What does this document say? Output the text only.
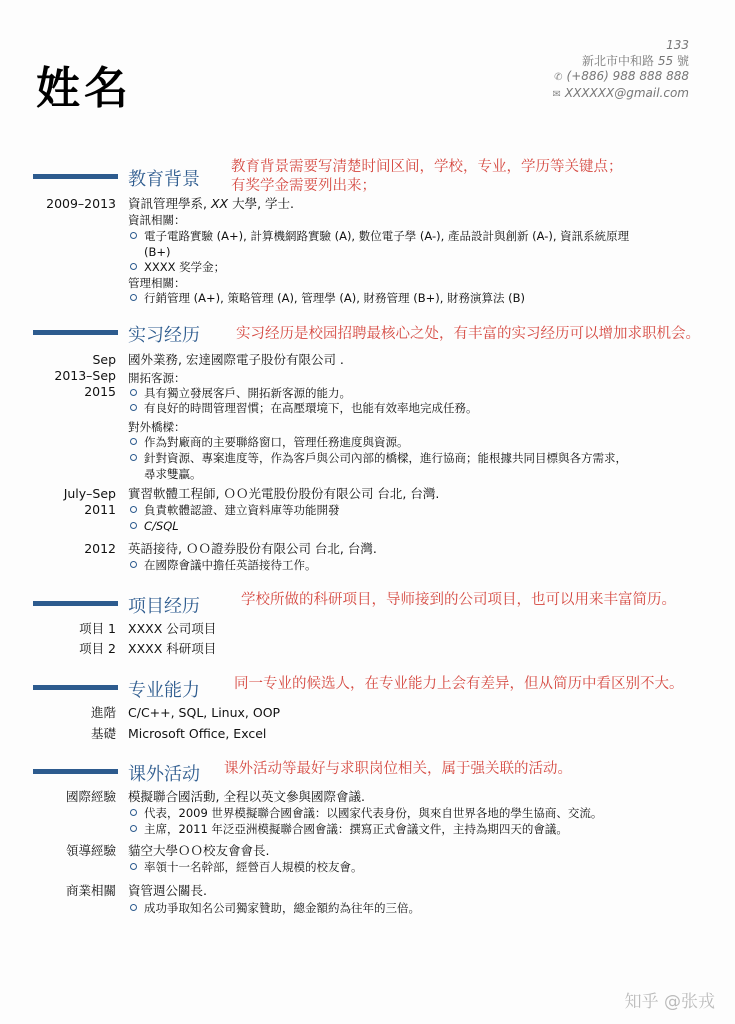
姓名
133
新北市中和路 55 號
✆ (+886) 988 888 888
✉ XXXXXX@gmail.com
教育背景
教育背景需要写清楚时间区间，学校，专业，学历等关键点；
有奖学金需要列出来；
2009–2013 資訊管理學系, XX 大學, 学士.
資訊相關：
電子電路實驗 (A+), 計算機網路實驗 (A), 數位電子學 (A-), 產品設計與創新 (A-), 資訊系統原理
(B+)
XXXX 奖学金；
管理相關：
行銷管理 (A+), 策略管理 (A), 管理學 (A), 財務管理 (B+), 財務演算法 (B)
实习经历 实习经历是校园招聘最核心之处，有丰富的实习经历可以增加求职机会。
Sep
2013–Sep
2015
國外業務, 宏達國際電子股份有限公司 .
開拓客源：
具有獨立發展客戶、開拓新客源的能力。
有良好的時間管理習慣；在高壓環境下，也能有效率地完成任務。
對外橋樑：
作為對廠商的主要聯絡窗口，管理任務進度與資源。
針對資源、專案進度等，作為客戶與公司內部的橋樑，進行協商；能根據共同目標與各方需求，
尋求雙贏。
July–Sep
2011
實習軟體工程師, ＯＯ光電股份股份有限公司 台北, 台灣.
負責軟體認證、建立資料庫等功能開發
C/SQL
2012 英語接待, ＯＯ證券股份有限公司 台北, 台灣.
在國際會議中擔任英語接待工作。
项目经历	学校所做的科研项目，导师接到的公司项目，也可以用来丰富简历。
项目 1 XXXX 公司项目
项目 2 XXXX 科研项目
专业能力 同一专业的候选人，在专业能力上会有差异，但从简历中看区别不大。
進階 C/C++, SQL, Linux, OOP
基礎 Microsoft Office, Excel
课外活动 课外活动等最好与求职岗位相关，属于强关联的活动。
國際經驗 模擬聯合國活動, 全程以英文參與國際會議.
代表，2009 世界模擬聯合國會議：以國家代表身份，與來自世界各地的學生協商、交流。
主席，2011 年泛亞洲模擬聯合國會議：撰寫正式會議文件，主持為期四天的會議。
領導經驗 貓空大學ＯＯ校友會會長.
率領十一名幹部，經營百人規模的校友會。
商業相關 資管週公關長.
成功爭取知名公司獨家贊助，總金額約為往年的三倍。
知乎 @张戎
